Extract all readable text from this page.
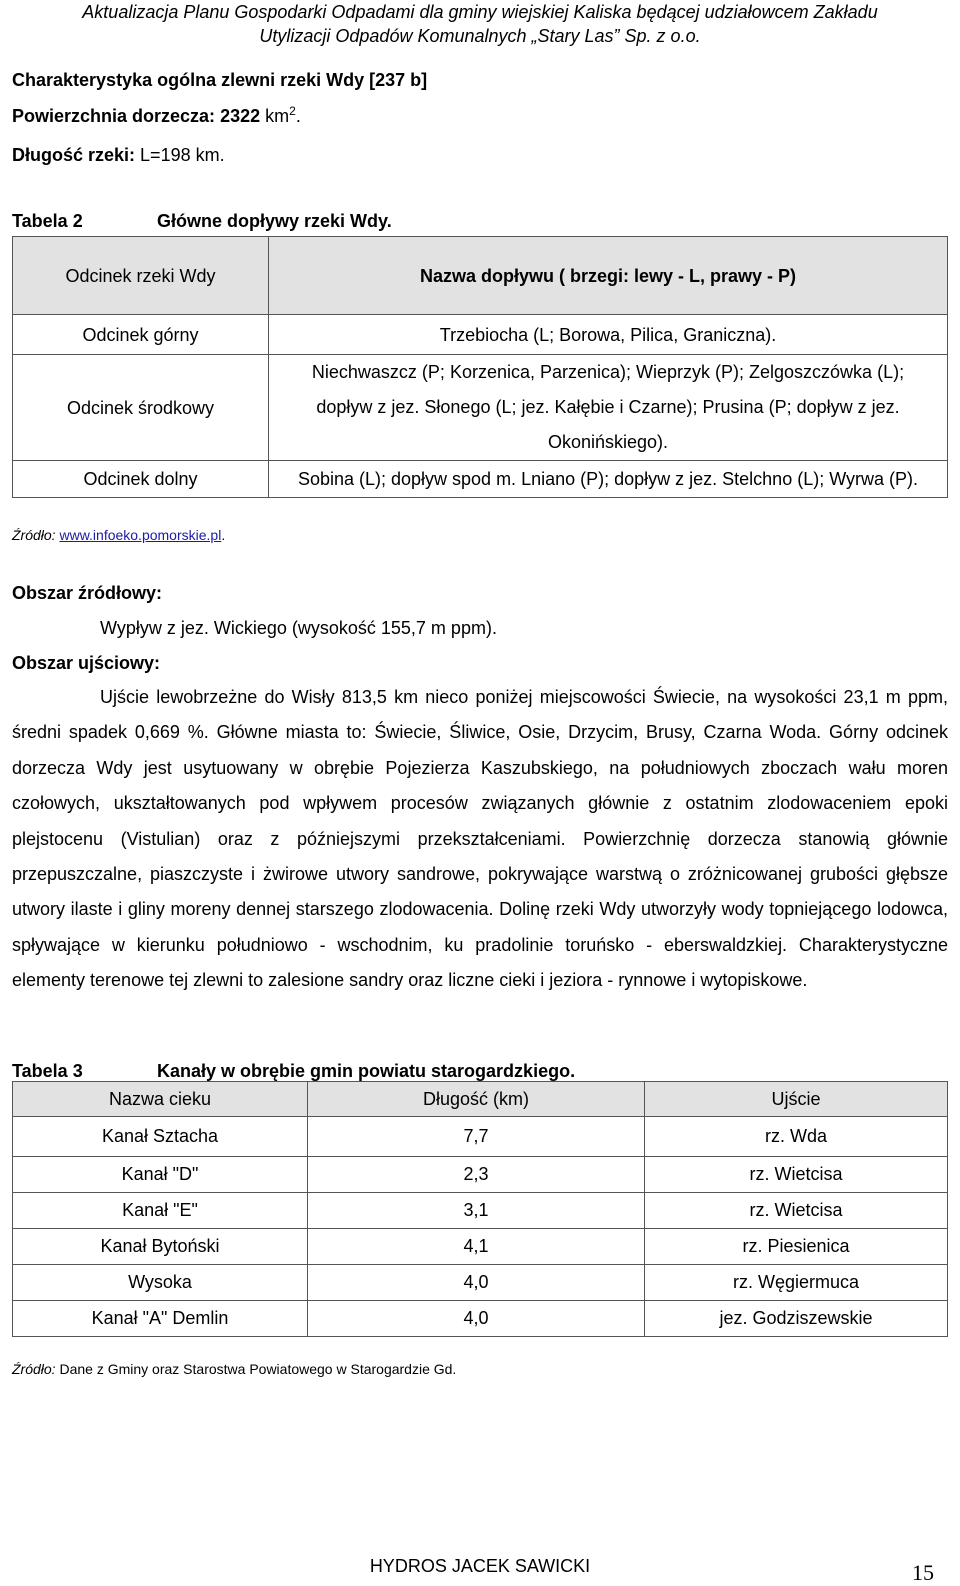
Aktualizacja Planu Gospodarki Odpadami dla gminy wiejskiej Kaliska będącej udziałowcem Zakładu
Utylizacji Odpadów Komunalnych „Stary Las” Sp. z o.o.
Charakterystyka ogólna zlewni rzeki Wdy [237 b]
Powierzchnia dorzecza: 2322 $km^2$.
Długość rzeki: L=198 km.
Tabela 2	Główne dopływy rzeki Wdy.
Odcinek rzeki Wdy	Nazwa dopływu ( brzegi: lewy - L, prawy - P)
Odcinek górny	Trzebiocha (L; Borowa, Pilica, Graniczna).
Odcinek środkowy	Niechwaszcz (P; Korzenica, Parzenica); Wieprzyk (P); Zelgoszczówka (L); dopływ z jez. Słonego (L; jez. Kałębie i Czarne); Prusina (P; dopływ z jez. Okonińskiego).
Odcinek dolny	Sobina (L); dopływ spod m. Lniano (P); dopływ z jez. Stelchno (L); Wyrwa (P).
Źródło: www.infoeko.pomorskie.pl.
Obszar źródłowy:
Wypływ z jez. Wickiego (wysokość 155,7 m ppm).
Obszar ujściowy:
Ujście lewobrzeżne do Wisły 813,5 km nieco poniżej miejscowości Świecie, na wysokości 23,1 m ppm, średni spadek 0,669 %. Główne miasta to: Świecie, Śliwice, Osie, Drzycim, Brusy, Czarna Woda. Górny odcinek dorzecza Wdy jest usytuowany w obrębie Pojezierza Kaszubskiego, na południowych zboczach wału moren czołowych, ukształtowanych pod wpływem procesów związanych głównie z ostatnim zlodowaceniem epoki plejstocenu (Vistulian) oraz z późniejszymi przekształceniami. Powierzchnię dorzecza stanowią głównie przepuszczalne, piaszczyste i żwirowe utwory sandrowe, pokrywające warstwą o zróżnicowanej grubości głębsze utwory ilaste i gliny moreny dennej starszego zlodowacenia. Dolinę rzeki Wdy utworzyły wody topniejącego lodowca, spływające w kierunku południowo - wschodnim, ku pradolinie toruńsko - eberswaldzkiej. Charakterystyczne elementy terenowe tej zlewni to zalesione sandry oraz liczne cieki i jeziora - rynnowe i wytopiskowe.
Tabela 3	Kanały w obrębie gmin powiatu starogardzkiego.
Nazwa cieku	Długość (km)	Ujście
Kanał Sztacha	7,7	rz. Wda
Kanał "D"	2,3	rz. Wietcisa
Kanał "E"	3,1	rz. Wietcisa
Kanał Bytoński	4,1	rz. Piesienica
Wysoka	4,0	rz. Węgiermuca
Kanał "A" Demlin	4,0	jez. Godziszewskie
Źródło: Dane z Gminy oraz Starostwa Powiatowego w Starogardzie Gd.
HYDROS JACEK SAWICKI	15
